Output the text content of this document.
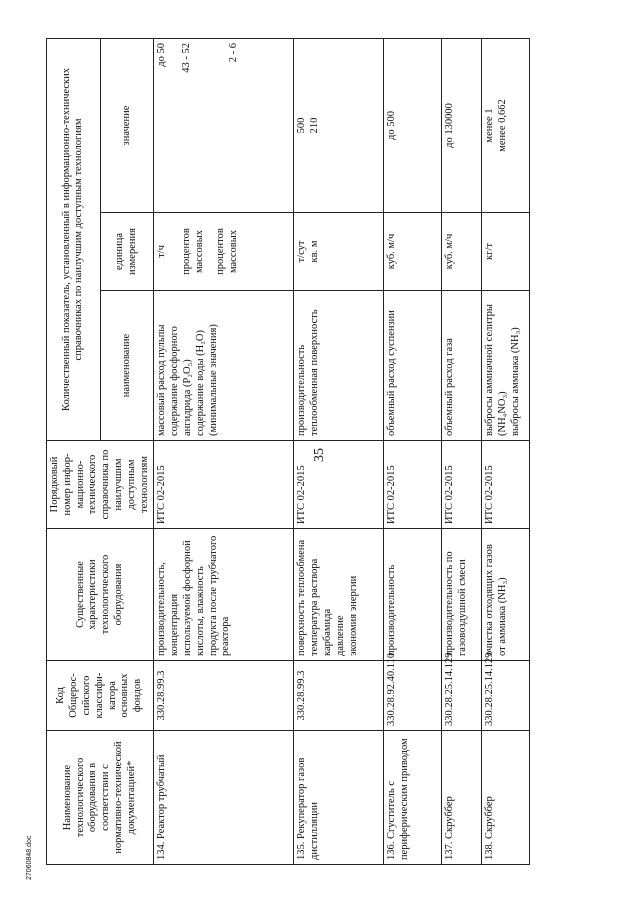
35
Наименование технологического оборудования в соответствии с нормативно-технической документацией*	Код Общерос-сийского классифи-катора основных фондов	Существенные характеристики технологического оборудования	Порядковый номер инфор-мационно-технического справочника по наилучшим доступным технологиям	Количественный показатель, установленный в информационно-технических справочниках по наилучшим доступным технологиям		
				наименование	единица измерения	значение
134. Реактор трубчатый	330.28.99.3	производительность, концентрация используемой фосфорной кислоты, влажность продукта после трубчатого реактора	ИТС 02-2015	массовый расход пульпы содержание фосфорного ангидрида (P₂O₅) содержание воды (H₂O) (минимальные значения)	т/ч процентов массовых процентов массовых	до 50 43 - 52 2 - 6

135. Рекуператор газов дистилляции	330.28.99.3	поверхность теплообмена температура раствора карбамида давление экономия энергии	ИТС 02-2015	производительность теплообменная поверхность	т/сут кв. м	500 210

136. Сгуститель с периферическим приводом	330.28.92.40.110	производительность	ИТС 02-2015	объемный расход суспензии	куб. м/ч	до 500

137. Скруббер	330.28.25.14.129	производительность по газовоздушной смеси	ИТС 02-2015	объемный расход газа	куб. м/ч	до 130000

138. Скруббер	330.28.25.14.129	очистка отходящих газов от аммиака (NH₃)	ИТС 02-2015	выбросы аммиачной селитры (NH₄NO₃) выбросы аммиака (NH₃)	кг/т	менее 1 менее 0,662
27060848.doc
